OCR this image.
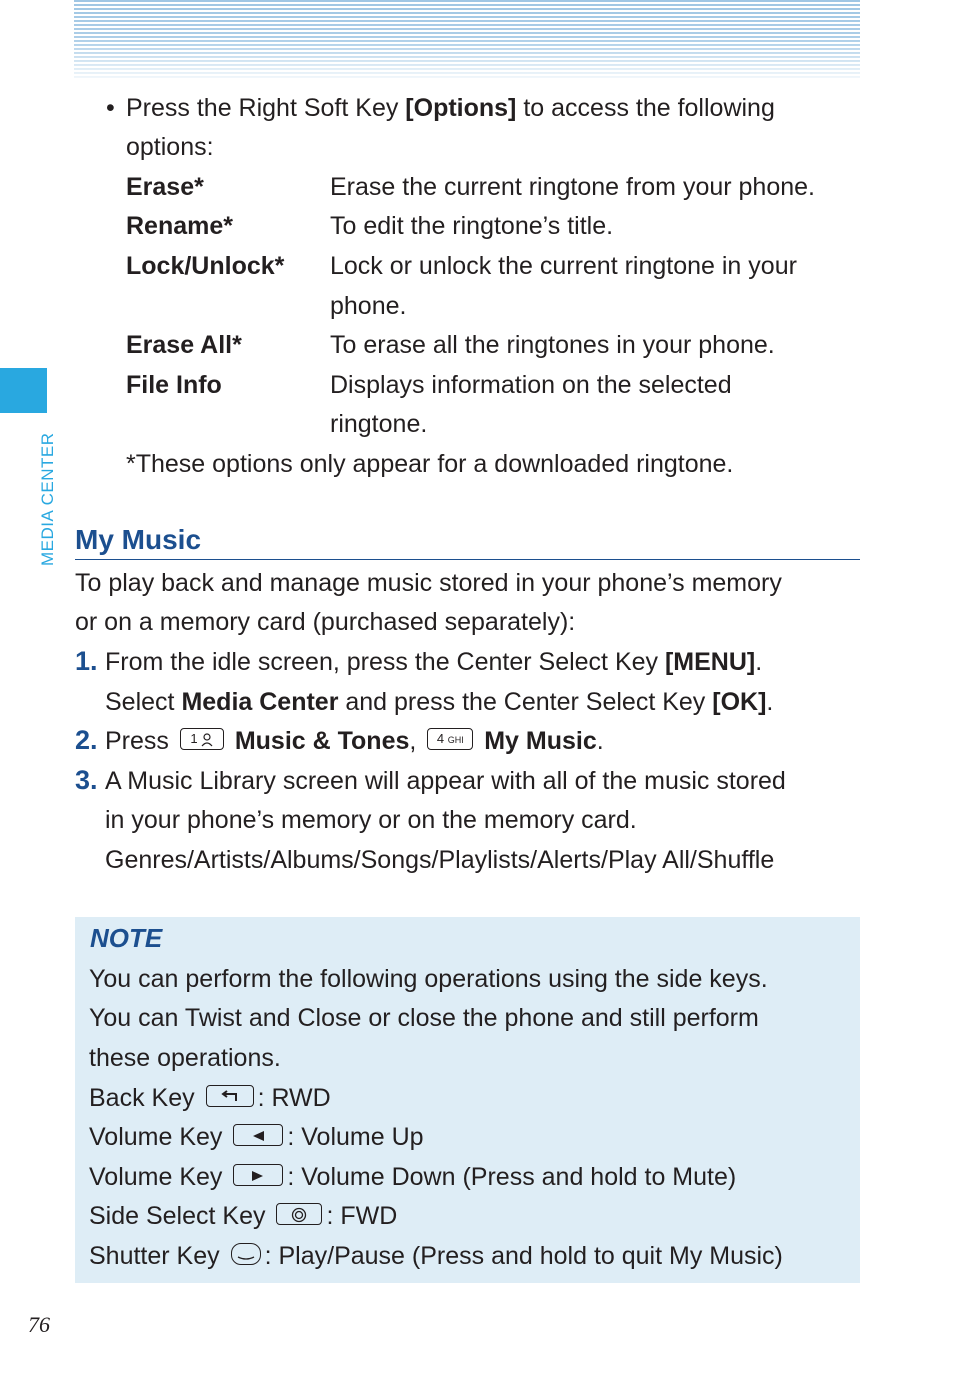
MEDIA CENTER
• Press the Right Soft Key [Options] to access the following
options:
Erase*	Erase the current ringtone from your phone.
Rename*	To edit the ringtone’s title.
Lock/Unlock* Lock or unlock the current ringtone in your
phone.
Erase All*	To erase all the ringtones in your phone.
File Info	Displays information on the selected
ringtone.
*These options only appear for a downloaded ringtone.
My Music
To play back and manage music stored in your phone’s memory
or on a memory card (purchased separately):
1. From the idle screen, press the Center Select Key [MENU].
Select Media Center and press the Center Select Key [OK].
2. Press 1 Music & Tones, 4 GHI My Music.
3. A Music Library screen will appear with all of the music stored
in your phone’s memory or on the memory card.
Genres/Artists/Albums/Songs/Playlists/Alerts/Play All/Shuffle
NOTE
You can perform the following operations using the side keys.
You can Twist and Close or close the phone and still perform
these operations.
Back Key	: RWD
Volume Key	: Volume Up
Volume Key	: Volume Down (Press and hold to Mute)
Side Select Key : FWD
Shutter Key : Play/Pause (Press and hold to quit My Music)
76
